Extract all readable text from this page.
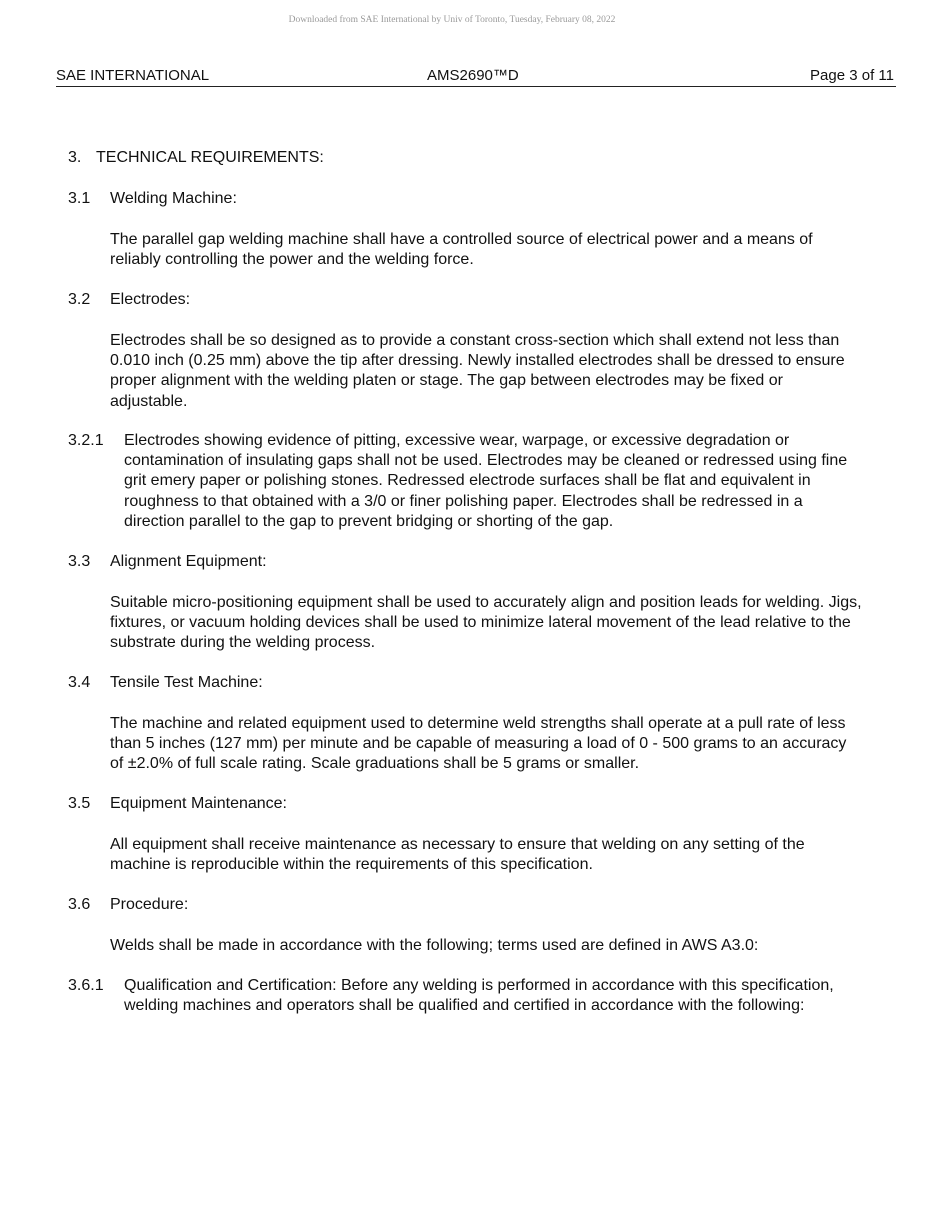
Downloaded from SAE International by Univ of Toronto, Tuesday, February 08, 2022
SAE INTERNATIONAL	AMS2690™D	Page 3 of 11
3. TECHNICAL REQUIREMENTS:
3.1 Welding Machine:
The parallel gap welding machine shall have a controlled source of electrical power and a means of reliably controlling the power and the welding force.
3.2 Electrodes:
Electrodes shall be so designed as to provide a constant cross-section which shall extend not less than 0.010 inch (0.25 mm) above the tip after dressing. Newly installed electrodes shall be dressed to ensure proper alignment with the welding platen or stage. The gap between electrodes may be fixed or adjustable.
3.2.1 Electrodes showing evidence of pitting, excessive wear, warpage, or excessive degradation or contamination of insulating gaps shall not be used. Electrodes may be cleaned or redressed using fine grit emery paper or polishing stones. Redressed electrode surfaces shall be flat and equivalent in roughness to that obtained with a 3/0 or finer polishing paper. Electrodes shall be redressed in a direction parallel to the gap to prevent bridging or shorting of the gap.
3.3 Alignment Equipment:
Suitable micro-positioning equipment shall be used to accurately align and position leads for welding. Jigs, fixtures, or vacuum holding devices shall be used to minimize lateral movement of the lead relative to the substrate during the welding process.
3.4 Tensile Test Machine:
The machine and related equipment used to determine weld strengths shall operate at a pull rate of less than 5 inches (127 mm) per minute and be capable of measuring a load of 0 - 500 grams to an accuracy of ±2.0% of full scale rating. Scale graduations shall be 5 grams or smaller.
3.5 Equipment Maintenance:
All equipment shall receive maintenance as necessary to ensure that welding on any setting of the machine is reproducible within the requirements of this specification.
3.6 Procedure:
Welds shall be made in accordance with the following; terms used are defined in AWS A3.0:
3.6.1 Qualification and Certification: Before any welding is performed in accordance with this specification, welding machines and operators shall be qualified and certified in accordance with the following:
